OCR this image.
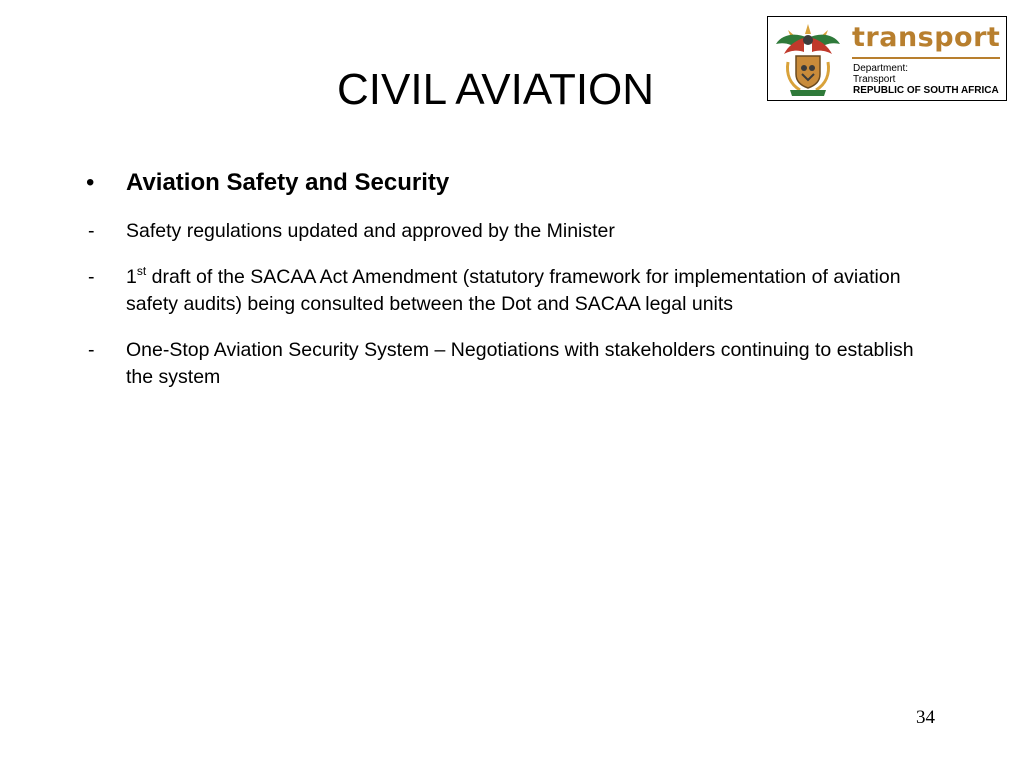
CIVIL AVIATION
transport
Department:
Transport
REPUBLIC OF SOUTH AFRICA
• Aviation Safety and Security
- Safety regulations updated and approved by the Minister
- 1st draft of the SACAA Act Amendment (statutory framework for implementation of aviation safety audits) being consulted between the Dot and SACAA legal units
- One-Stop Aviation Security System – Negotiations with stakeholders continuing to establish the system
34
